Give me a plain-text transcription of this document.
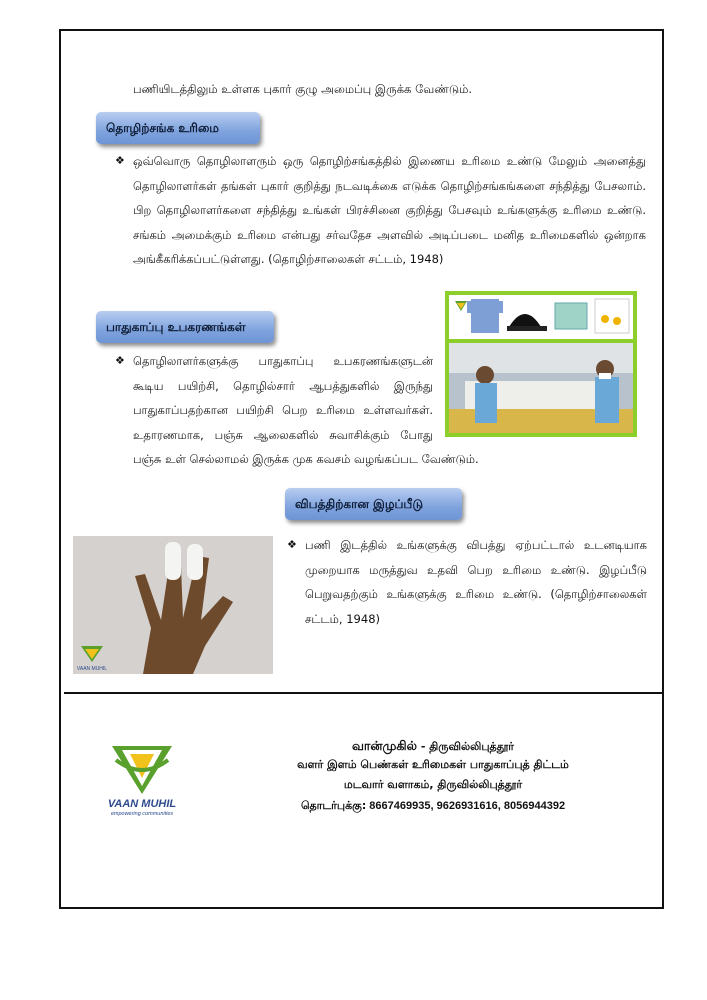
பணியிடத்திலும் உள்ளக புகார் குழு அமைப்பு இருக்க வேண்டும்.
தொழிற்சங்க உரிமை
❖ ஒவ்வொரு தொழிலாளரும் ஒரு தொழிற்சங்கத்தில் இணைய உரிமை உண்டு மேலும் அனைத்து தொழிலாளர்கள் தங்கள் புகார் குறித்து நடவடிக்கை எடுக்க தொழிற்சங்கங்களை சந்தித்து பேசலாம். பிற தொழிலாளர்களை சந்தித்து உங்கள் பிரச்சினை குறித்து பேசவும் உங்களுக்கு உரிமை உண்டு. சங்கம் அமைக்கும் உரிமை என்பது சர்வதேச அளவில் அடிப்படை மனித உரிமைகளில் ஒன்றாக அங்கீகரிக்கப்பட்டுள்ளது. (தொழிற்சாலைகள் சட்டம், 1948)
பாதுகாப்பு உபகரணங்கள்
❖ தொழிலாளர்களுக்கு பாதுகாப்பு உபகரணங்களுடன்
கூடிய பயிற்சி, தொழில்சார் ஆபத்துகளில் இருந்து
பாதுகாப்பதற்கான பயிற்சி பெற உரிமை உள்ளவர்கள்.
உதாரணமாக, பஞ்சு ஆலைகளில் சுவாசிக்கும் போது
பஞ்சு உள் செல்லாமல் இருக்க முக கவசம் வழங்கப்பட வேண்டும்.
விபத்திற்கான இழப்பீடு
VAAN MUHIL
❖ பணி இடத்தில் உங்களுக்கு விபத்து ஏற்பட்டால் உடனடியாக முறையாக மருத்துவ உதவி பெற உரிமை உண்டு. இழப்பீடு பெறுவதற்கும் உங்களுக்கு உரிமை உண்டு. (தொழிற்சாலைகள் சட்டம், 1948)
VAAN MUHIL
empowering communities
வான்முகில் - திருவில்லிபுத்தூர்
வளர் இளம் பெண்கள் உரிமைகள் பாதுகாப்புத் திட்டம்
மடவார் வளாகம், திருவில்லிபுத்தூர்
தொடர்புக்கு: 8667469935, 9626931616, 8056944392
